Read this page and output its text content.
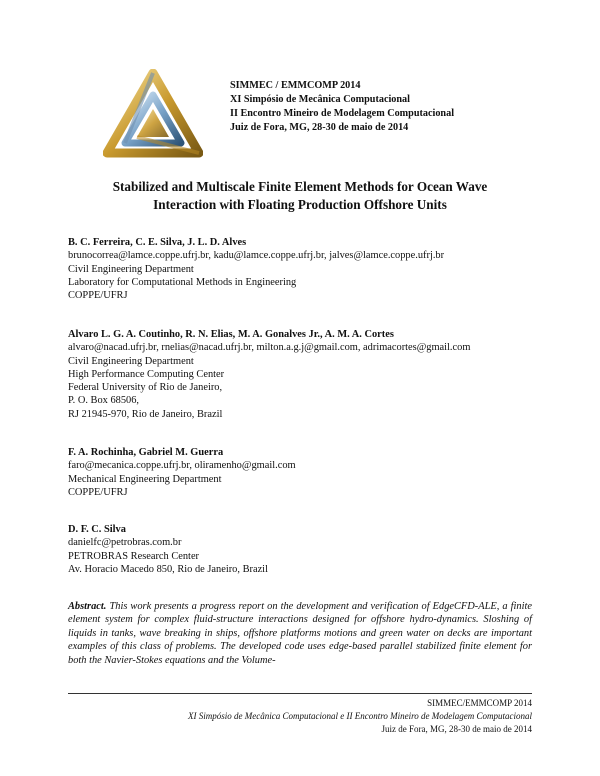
SIMMEC / EMMCOMP 2014
XI Simpósio de Mecânica Computacional
II Encontro Mineiro de Modelagem Computacional
Juiz de Fora, MG, 28-30 de maio de 2014
Stabilized and Multiscale Finite Element Methods for Ocean Wave
Interaction with Floating Production Offshore Units
B. C. Ferreira, C. E. Silva, J. L. D. Alves
brunocorrea@lamce.coppe.ufrj.br, kadu@lamce.coppe.ufrj.br, jalves@lamce.coppe.ufrj.br
Civil Engineering Department
Laboratory for Computational Methods in Engineering
COPPE/UFRJ
Alvaro L. G. A. Coutinho, R. N. Elias, M. A. Gonalves Jr., A. M. A. Cortes
alvaro@nacad.ufrj.br, rnelias@nacad.ufrj.br, milton.a.g.j@gmail.com, adrimacortes@gmail.com
Civil Engineering Department
High Performance Computing Center
Federal University of Rio de Janeiro,
P. O. Box 68506,
RJ 21945-970, Rio de Janeiro, Brazil
F. A. Rochinha, Gabriel M. Guerra
faro@mecanica.coppe.ufrj.br, oliramenho@gmail.com
Mechanical Engineering Department
COPPE/UFRJ
D. F. C. Silva
danielfc@petrobras.com.br
PETROBRAS Research Center
Av. Horacio Macedo 850, Rio de Janeiro, Brazil
Abstract. This work presents a progress report on the development and verification of EdgeCFD-ALE, a finite element system for complex fluid-structure interactions designed for offshore hydro-dynamics. Sloshing of liquids in tanks, wave breaking in ships, offshore platforms motions and green water on decks are important examples of this class of problems. The developed code uses edge-based parallel stabilized finite element for both the Navier-Stokes equations and the Volume-
SIMMEC/EMMCOMP 2014
XI Simpósio de Mecânica Computacional e II Encontro Mineiro de Modelagem Computacional
Juiz de Fora, MG, 28-30 de maio de 2014
